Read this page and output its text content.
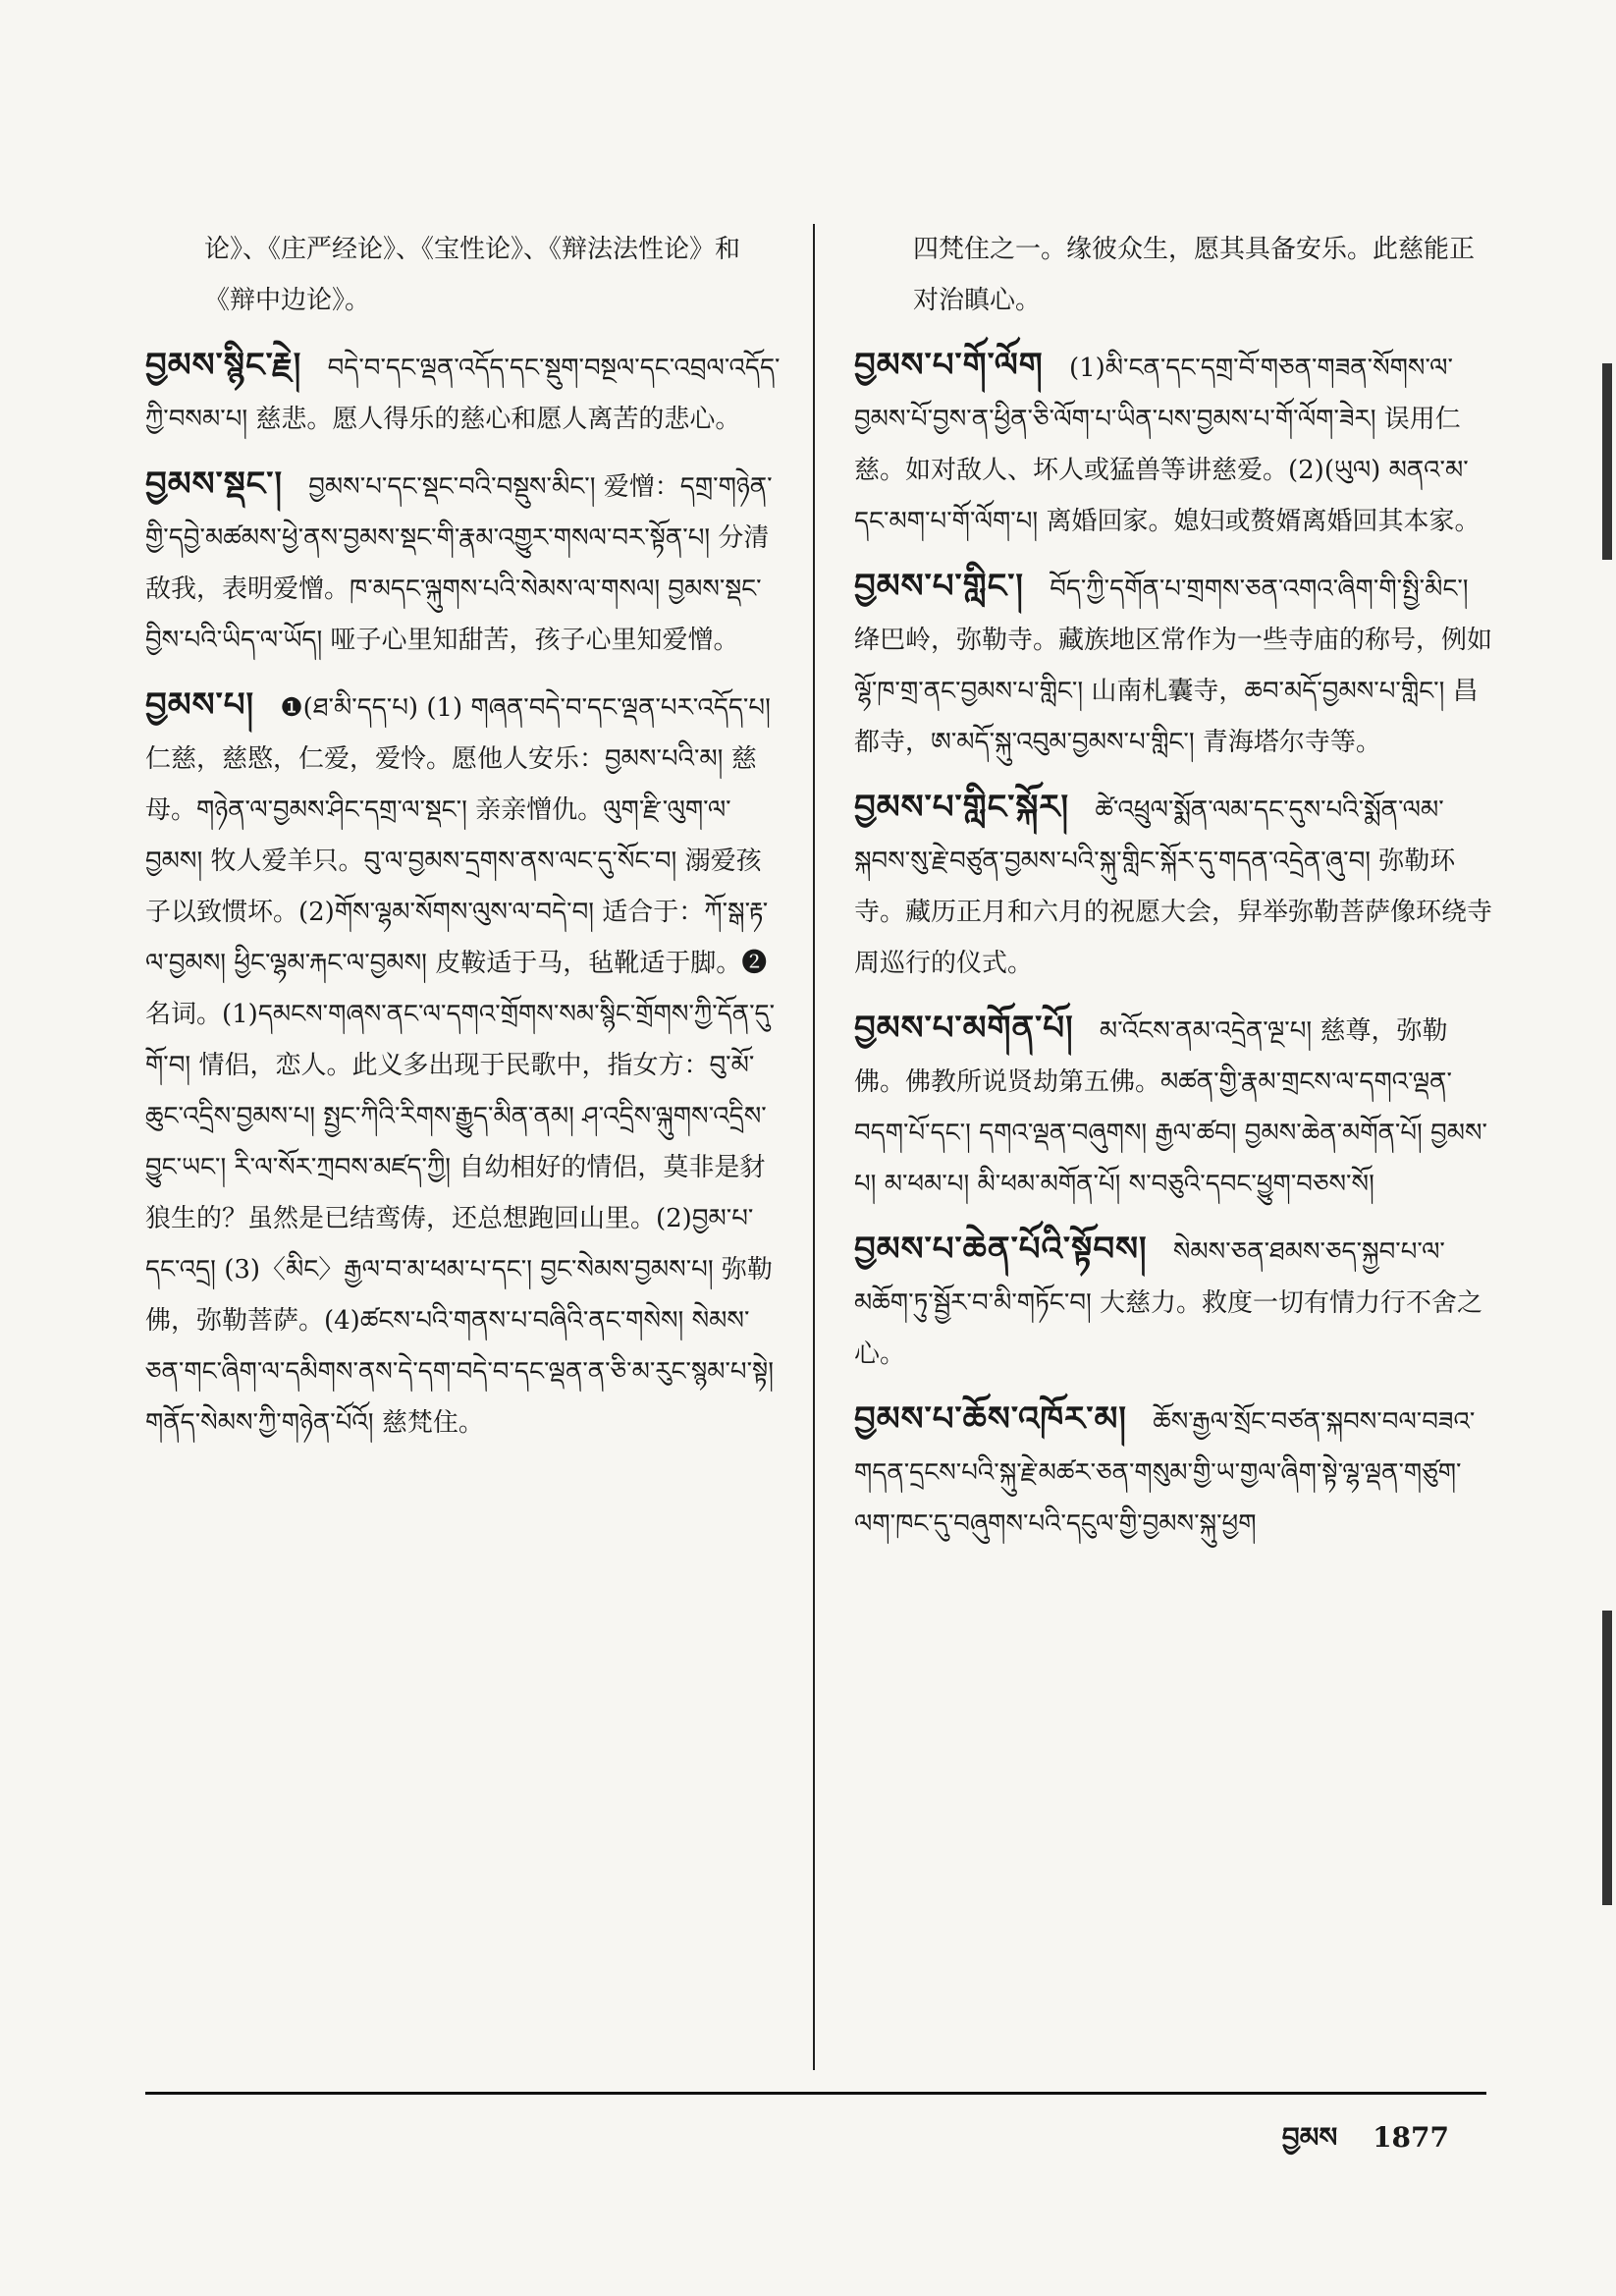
论》、《庄严经论》、《宝性论》、《辩法法性论》和《辩中边论》。
བྱམས་སྙིང་རྗེ། བདེ་བ་དང་ལྡན་འདོད་དང་སྡུག་བསྔལ་དང་འབྲལ་འདོད་ཀྱི་བསམ་པ། 慈悲。愿人得乐的慈心和愿人离苦的悲心。
བྱམས་སྡང་། བྱམས་པ་དང་སྡང་བའི་བསྡུས་མིང་། 爱憎：དགྲ་གཉེན་གྱི་དབྱེ་མཚམས་ཕྱེ་ནས་བྱམས་སྡང་གི་རྣམ་འགྱུར་གསལ་བར་སྟོན་པ། 分清敌我，表明爱憎。ཁ་མདང་ལྐུགས་པའི་སེམས་ལ་གསལ། བྱམས་སྡང་བྱིས་པའི་ཡིད་ལ་ཡོད། 哑子心里知甜苦，孩子心里知爱憎。
བྱམས་པ། ❶(ཐ་མི་དད་པ) (1) གཞན་བདེ་བ་དང་ལྡན་པར་འདོད་པ། 仁慈，慈愍，仁爱，爱怜。愿他人安乐：བྱམས་པའི་མ། 慈母。གཉེན་ལ་བྱམས་ཤིང་དགྲ་ལ་སྡང་། 亲亲憎仇。ལུག་རྫི་ལུག་ལ་བྱམས། 牧人爱羊只。བུ་ལ་བྱམས་དྲགས་ནས་ལང་དུ་སོང་བ། 溺爱孩子以致惯坏。(2)གོས་ལྷམ་སོགས་ལུས་ལ་བདེ་བ། 适合于：ཀོ་སྒ་རྟ་ལ་བྱམས། ཕྱིང་ལྷམ་རྐང་ལ་བྱམས། 皮鞍适于马，毡靴适于脚。❷名词。(1)དམངས་གཞས་ནང་ལ་དགའ་གྲོགས་སམ་སྙིང་གྲོགས་ཀྱི་དོན་དུ་གོ་བ། 情侣，恋人。此义多出现于民歌中，指女方：བུ་མོ་ཆུང་འདྲིས་བྱམས་པ། སྤྱང་ཀིའི་རིགས་རྒྱུད་མིན་ནམ། ཤ་འདྲིས་ལྐུགས་འདྲིས་བྱུང་ཡང་། རི་ལ་སོར་ཀྲབས་མཛད་ཀྱི། 自幼相好的情侣，莫非是豺狼生的？虽然是已结鸾俦，还总想跑回山里。(2)བྱམ་པ་དང་འདྲ། (3)〈མིང〉རྒྱལ་བ་མ་ཕམ་པ་དང་། བྱང་སེམས་བྱམས་པ། 弥勒佛，弥勒菩萨。(4)ཚངས་པའི་གནས་པ་བཞིའི་ནང་གསེས། སེམས་ཅན་གང་ཞིག་ལ་དམིགས་ནས་དེ་དག་བདེ་བ་དང་ལྡན་ན་ཅི་མ་རུང་སྙམ་པ་སྟེ། གནོད་སེམས་ཀྱི་གཉེན་པོའོ། 慈梵住。
四梵住之一。缘彼众生，愿其具备安乐。此慈能正对治瞋心。
བྱམས་པ་གོ་ལོག (1)མི་ངན་དང་དགྲ་བོ་གཅན་གཟན་སོགས་ལ་བྱམས་པོ་བྱས་ན་ཕྱིན་ཅི་ལོག་པ་ཡིན་པས་བྱམས་པ་གོ་ལོག་ཟེར། 误用仁慈。如对敌人、坏人或猛兽等讲慈爱。(2)(ཡུལ) མནའ་མ་དང་མག་པ་གོ་ལོག་པ། 离婚回家。媳妇或赘婿离婚回其本家。
བྱམས་པ་གླིང་། བོད་ཀྱི་དགོན་པ་གྲགས་ཅན་འགའ་ཞིག་གི་སྤྱི་མིང་། 绛巴岭，弥勒寺。藏族地区常作为一些寺庙的称号，例如 ལྷོ་ཁ་གྲ་ནང་བྱམས་པ་གླིང་། 山南札囊寺，ཆབ་མདོ་བྱམས་པ་གླིང་། 昌都寺，ཨ་མདོ་སྐུ་འབུམ་བྱམས་པ་གླིང་། 青海塔尔寺等。
བྱམས་པ་གླིང་སྐོར། ཚེ་འཕྲུལ་སྨོན་ལམ་དང་དུས་པའི་སྨོན་ལམ་སྐབས་སུ་རྗེ་བཙུན་བྱམས་པའི་སྐུ་གླིང་སྐོར་དུ་གདན་འདྲེན་ཞུ་བ། 弥勒环寺。藏历正月和六月的祝愿大会，舁举弥勒菩萨像环绕寺周巡行的仪式。
བྱམས་པ་མགོན་པོ། མ་འོངས་ནམ་འདྲེན་ལྔ་པ། 慈尊，弥勒佛。佛教所说贤劫第五佛。མཚན་གྱི་རྣམ་གྲངས་ལ་དགའ་ལྡན་བདག་པོ་དང་། དགའ་ལྡན་བཞུགས། རྒྱལ་ཚབ། བྱམས་ཆེན་མགོན་པོ། བྱམས་པ། མ་ཕམ་པ། མི་ཕམ་མགོན་པོ། ས་བཅུའི་དབང་ཕྱུག་བཅས་སོ།
བྱམས་པ་ཆེན་པོའི་སྟོབས། སེམས་ཅན་ཐམས་ཅད་སྐྱབ་པ་ལ་མཆོག་ཏུ་སྦྱོར་བ་མི་གཏོང་བ། 大慈力。救度一切有情力行不舍之心。
བྱམས་པ་ཆོས་འཁོར་མ། ཆོས་རྒྱལ་སྲོང་བཙན་སྐབས་བལ་བཟའ་གདན་དྲངས་པའི་སྐུ་རྗེ་མཚར་ཅན་གསུམ་གྱི་ཡ་གྱལ་ཞིག་སྟེ་ལྷ་ལྡན་གཙུག་ལག་ཁང་དུ་བཞུགས་པའི་དངུལ་གྱི་བྱམས་སྐུ་ཕྱག
བྱམས 1877
